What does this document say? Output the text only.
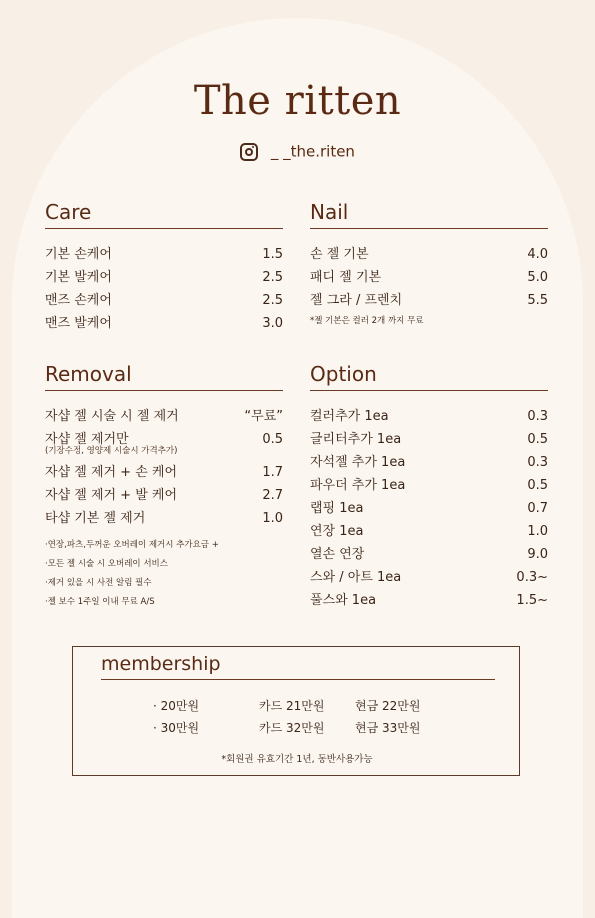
The ritten
_ _the.riten
Care
기본 손케어	1.5
기본 발케어	2.5
맨즈 손케어	2.5
맨즈 발케어	3.0
Nail
손 젤 기본	4.0
패디 젤 기본	5.0
젤 그라 / 프렌치	5.5
*젤 기본은 컬러 2개 까지 무료
Removal
자샵 젤 시술 시 젤 제거	“무료”
자샵 젤 제거만	0.5
(기장수정, 영양제 시술시 가격추가)
자샵 젤 제거 + 손 케어	1.7
자샵 젤 제거 + 발 케어	2.7
타샵 기본 젤 제거	1.0
·연장,파츠,두꺼운 오버레이 제거시 추가요금 +
·모든 젤 시술 시 오버레이 서비스
·제거 있을 시 사전 알림 필수
·젤 보수 1주일 이내 무료 A/S
Option
컬러추가 1ea	0.3
글리터추가 1ea	0.5
자석젤 추가 1ea	0.3
파우더 추가 1ea	0.5
랩핑 1ea	0.7
연장 1ea	1.0
열손 연장	9.0
스와 / 아트 1ea	0.3~
풀스와 1ea	1.5~
membership
· 20만원	카드 21만원	현금 22만원
· 30만원	카드 32만원	현금 33만원
*회원권 유효기간 1년, 동반사용가능
